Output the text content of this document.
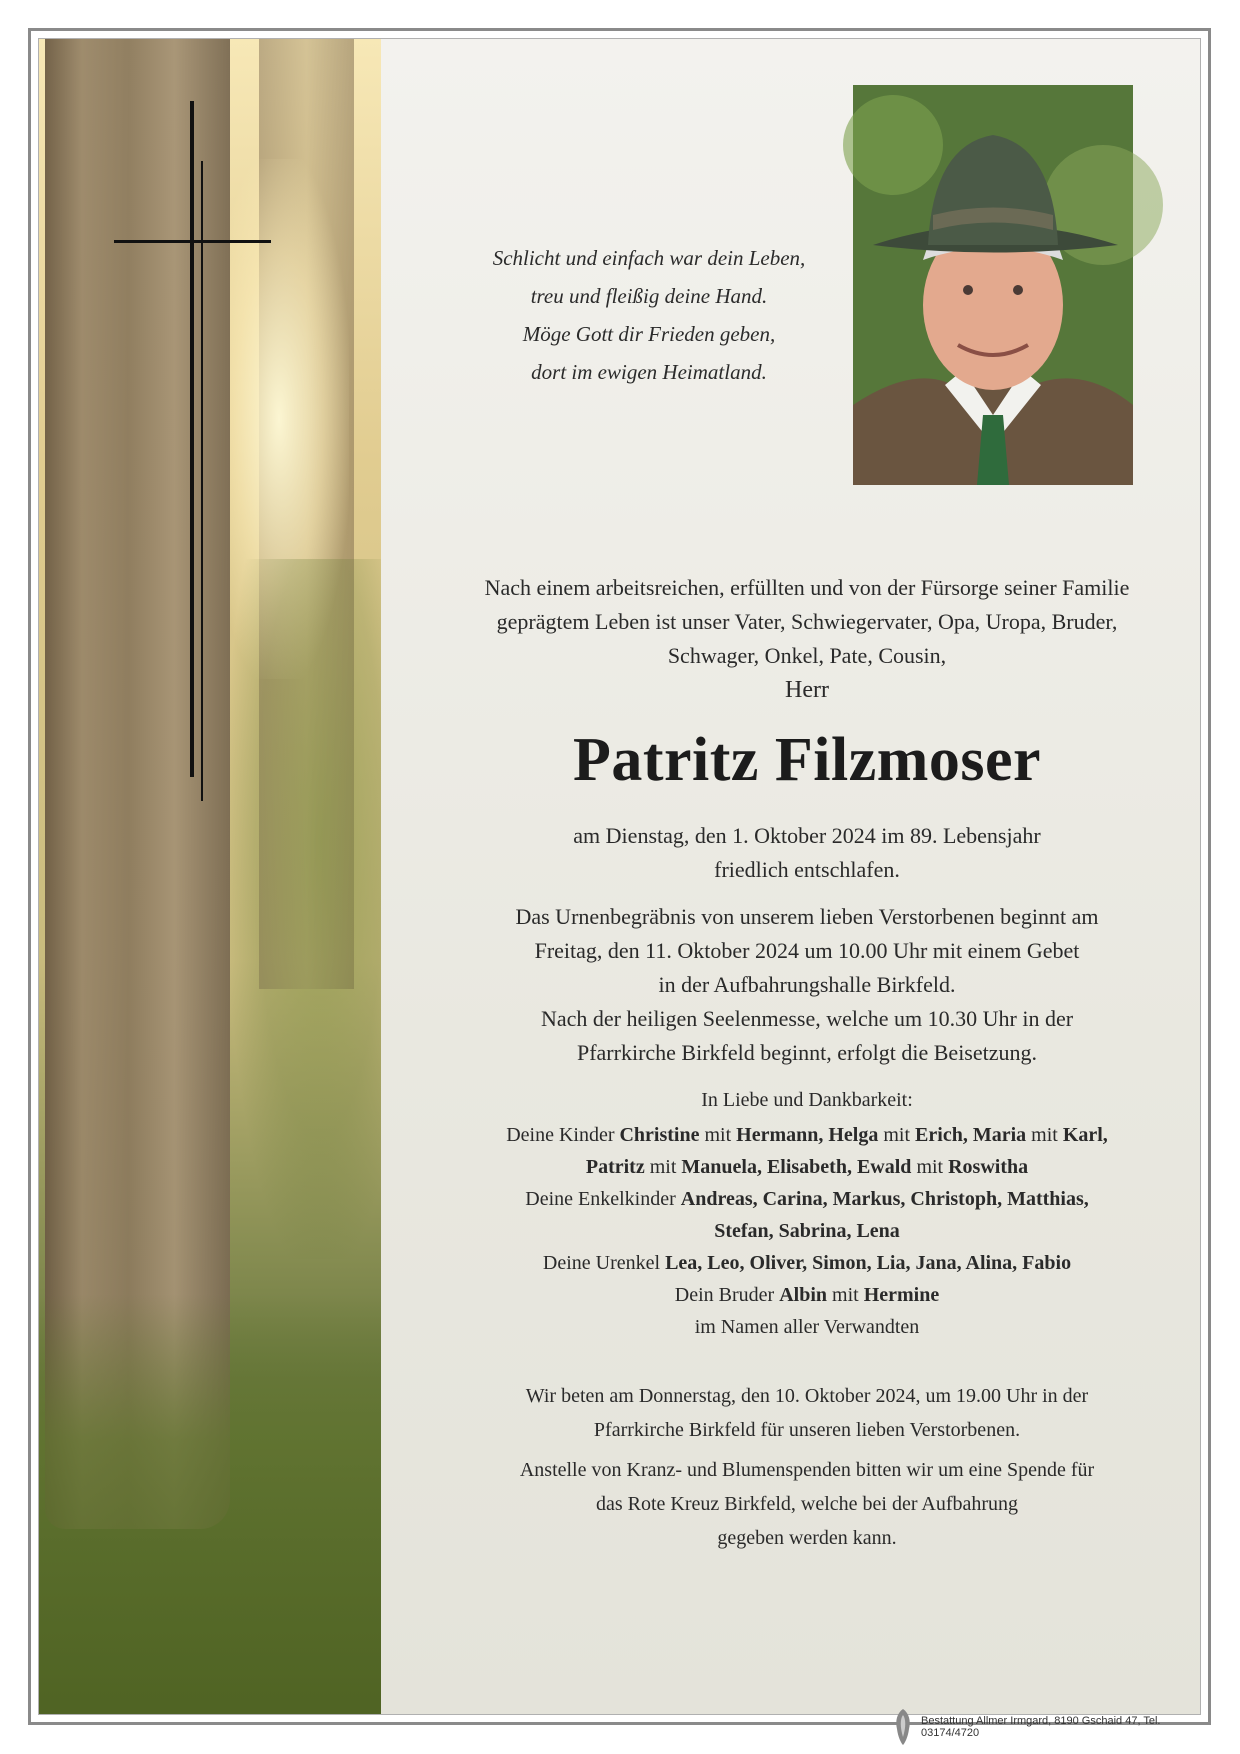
Schlicht und einfach war dein Leben,
treu und fleißig deine Hand.
Möge Gott dir Frieden geben,
dort im ewigen Heimatland.

Nach einem arbeitsreichen, erfüllten und von der Fürsorge seiner Familie

geprägtem Leben ist unser Vater, Schwiegervater, Opa, Uropa, Bruder,

Schwager, Onkel, Pate, Cousin,

Herr
Patritz Filzmoser

am Dienstag, den 1. Oktober 2024 im 89. Lebensjahr

friedlich entschlafen.

Das Urnenbegräbnis von unserem lieben Verstorbenen beginnt am

Freitag, den 11. Oktober 2024 um 10.00 Uhr mit einem Gebet

in der Aufbahrungshalle Birkfeld.

Nach der heiligen Seelenmesse, welche um 10.30 Uhr in der

Pfarrkirche Birkfeld beginnt, erfolgt die Beisetzung.

In Liebe und Dankbarkeit:

Deine Kinder Christine mit Hermann, Helga mit Erich, Maria mit Karl,

Patritz mit Manuela, Elisabeth, Ewald mit Roswitha

Deine Enkelkinder Andreas, Carina, Markus, Christoph, Matthias,

Stefan, Sabrina, Lena

Deine Urenkel Lea, Leo, Oliver, Simon, Lia, Jana, Alina, Fabio

Dein Bruder Albin mit Hermine

im Namen aller Verwandten

Wir beten am Donnerstag, den 10. Oktober 2024, um 19.00 Uhr in der

Pfarrkirche Birkfeld für unseren lieben Verstorbenen.

Anstelle von Kranz- und Blumenspenden bitten wir um eine Spende für

das Rote Kreuz Birkfeld, welche bei der Aufbahrung

gegeben werden kann.

Bestattung Allmer Irmgard, 8190 Gschaid 47, Tel. 03174/4720
